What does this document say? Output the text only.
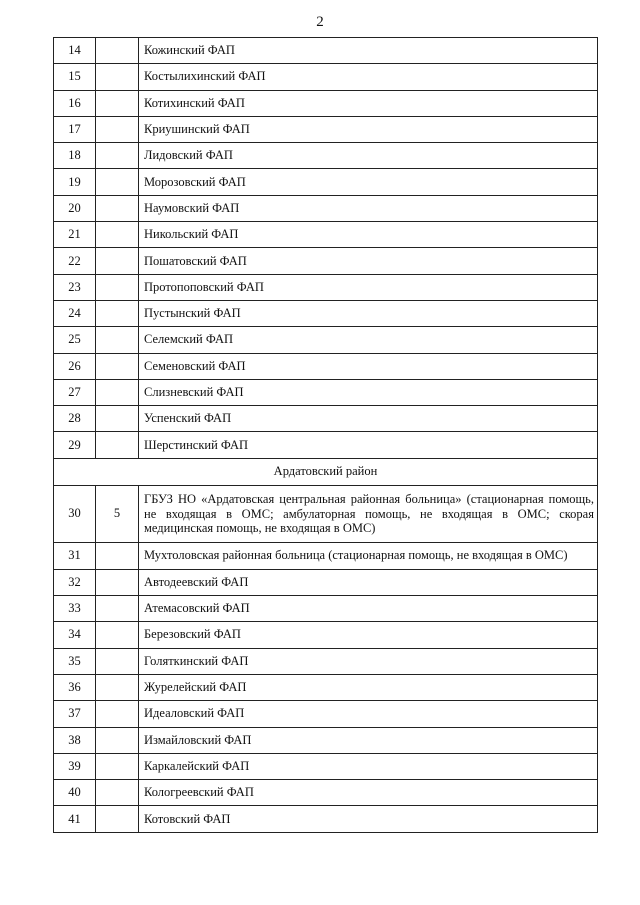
2
14		Кожинский ФАП
15		Костылихинский ФАП
16		Котихинский ФАП
17		Криушинский ФАП
18		Лидовский ФАП
19		Морозовский ФАП
20		Наумовский ФАП
21		Никольский ФАП
22		Пошатовский ФАП
23		Протопоповский ФАП
24		Пустынский ФАП
25		Селемский ФАП
26		Семеновский ФАП
27		Слизневский ФАП
28		Успенский ФАП
29		Шерстинский ФАП
Ардатовский район		
30	5	ГБУЗ НО «Ардатовская центральная районная больница» (стационарная помощь, не входящая в ОМС; амбулаторная помощь, не входящая в ОМС; скорая медицинская помощь, не входящая в ОМС)
31		Мухтоловская районная больница (стационарная помощь, не входящая в ОМС)
32		Автодеевский ФАП
33		Атемасовский ФАП
34		Березовский ФАП
35		Голяткинский ФАП
36		Журелейский ФАП
37		Идеаловский ФАП
38		Измайловский ФАП
39		Каркалейский ФАП
40		Кологреевский ФАП
41		Котовский ФАП
